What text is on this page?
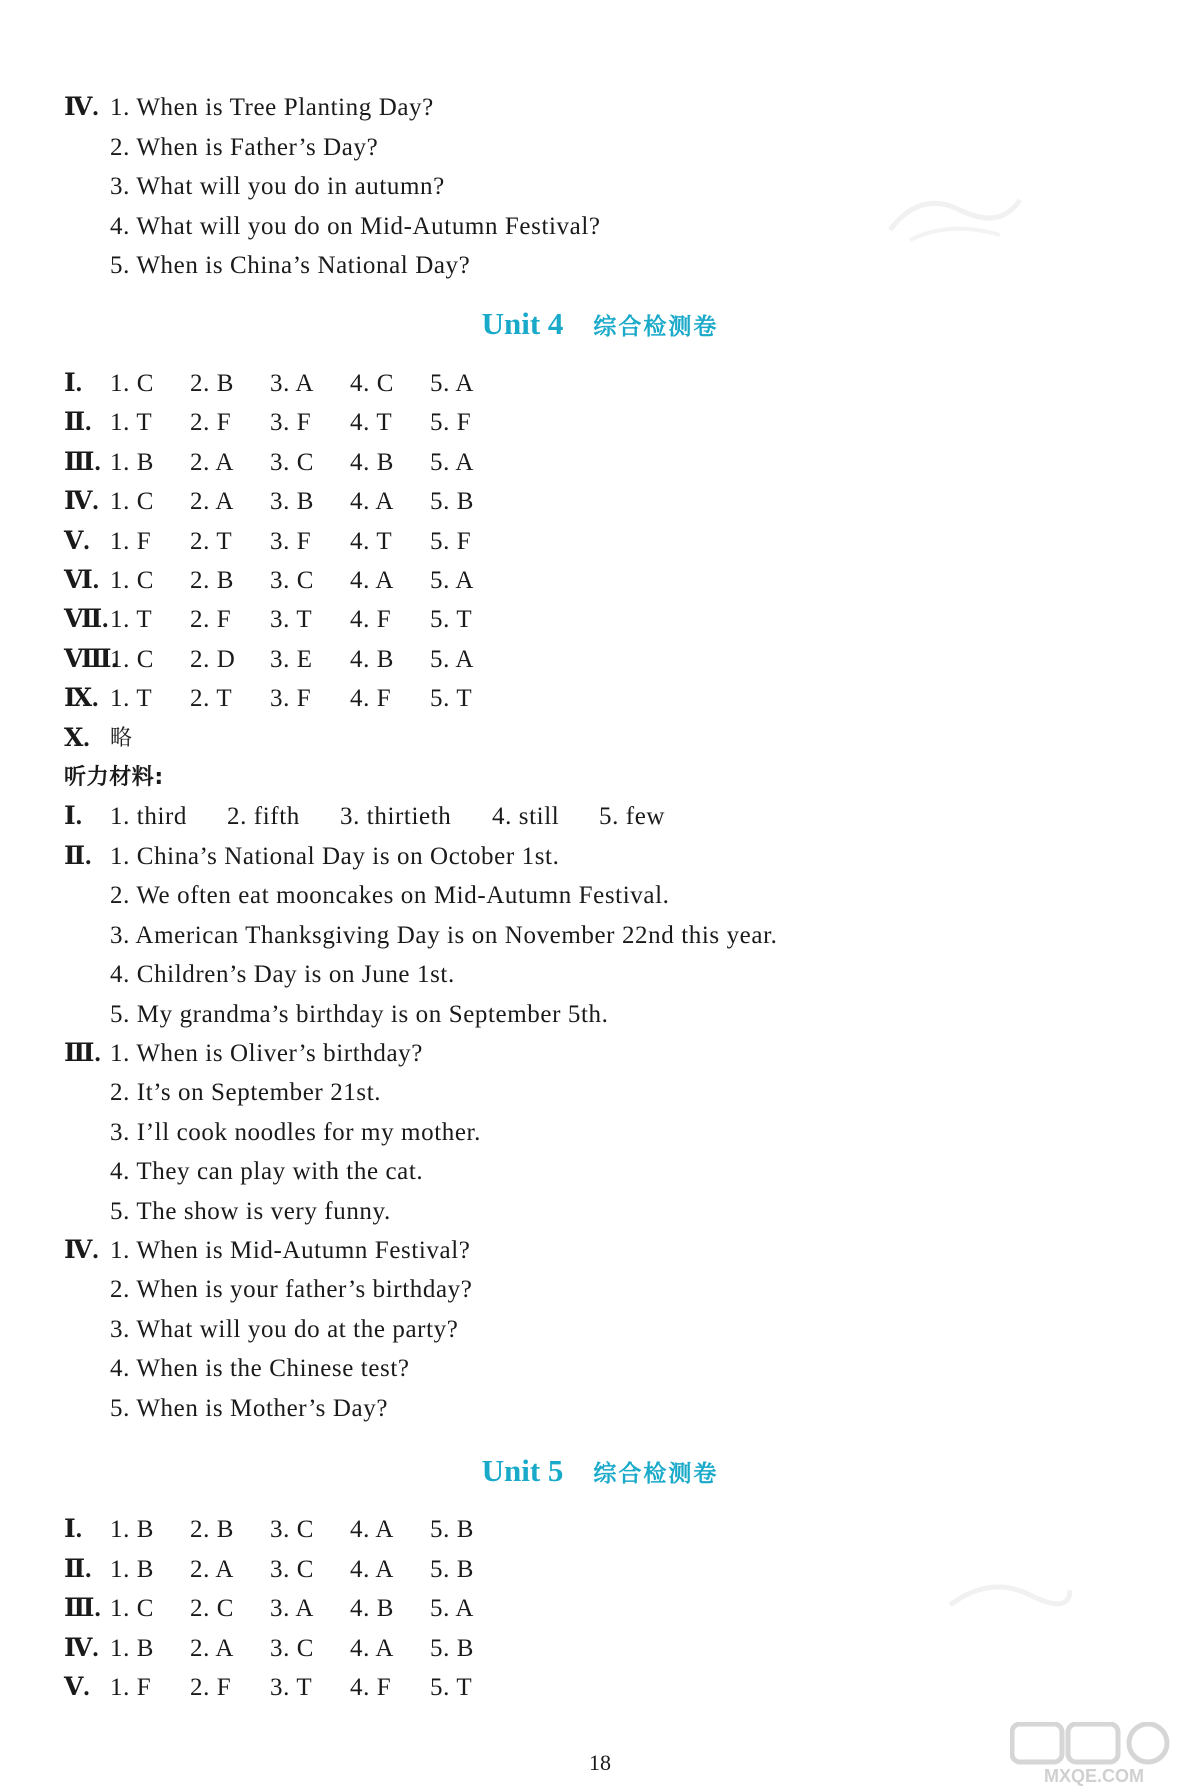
Ⅳ. 1. When is Tree Planting Day?
2. When is Father’s Day?
3. What will you do in autumn?
4. What will you do on Mid-Autumn Festival?
5. When is China’s National Day?
Unit 4 综合检测卷
Ⅰ. 1. C 2. B 3. A 4. C 5. A
Ⅱ. 1. T 2. F 3. F 4. T 5. F
Ⅲ. 1. B 2. A 3. C 4. B 5. A
Ⅳ. 1. C 2. A 3. B 4. A 5. B
Ⅴ. 1. F 2. T 3. F 4. T 5. F
Ⅵ. 1. C 2. B 3. C 4. A 5. A
Ⅶ. 1. T 2. F 3. T 4. F 5. T
Ⅷ.
1. C 2. D 3. E 4. B 5. A
Ⅸ. 1. T 2. T 3. F 4. F 5. T
Ⅹ. 略
听力材料:
Ⅰ. 1. third 2. fifth 3. thirtieth 4. still 5. few
Ⅱ. 1. China’s National Day is on October 1st.
2. We often eat mooncakes on Mid-Autumn Festival.
3. American Thanksgiving Day is on November 22nd this year.
4. Children’s Day is on June 1st.
5. My grandma’s birthday is on September 5th.
Ⅲ. 1. When is Oliver’s birthday?
2. It’s on September 21st.
3. I’ll cook noodles for my mother.
4. They can play with the cat.
5. The show is very funny.
Ⅳ. 1. When is Mid-Autumn Festival?
2. When is your father’s birthday?
3. What will you do at the party?
4. When is the Chinese test?
5. When is Mother’s Day?
Unit 5 综合检测卷
Ⅰ. 1. B 2. B 3. C 4. A 5. B
Ⅱ. 1. B 2. A 3. C 4. A 5. B
Ⅲ. 1. C 2. C 3. A 4. B 5. A
Ⅳ. 1. B 2. A 3. C 4. A 5. B
Ⅴ. 1. F 2. F 3. T 4. F 5. T
18
MXQE.COM
